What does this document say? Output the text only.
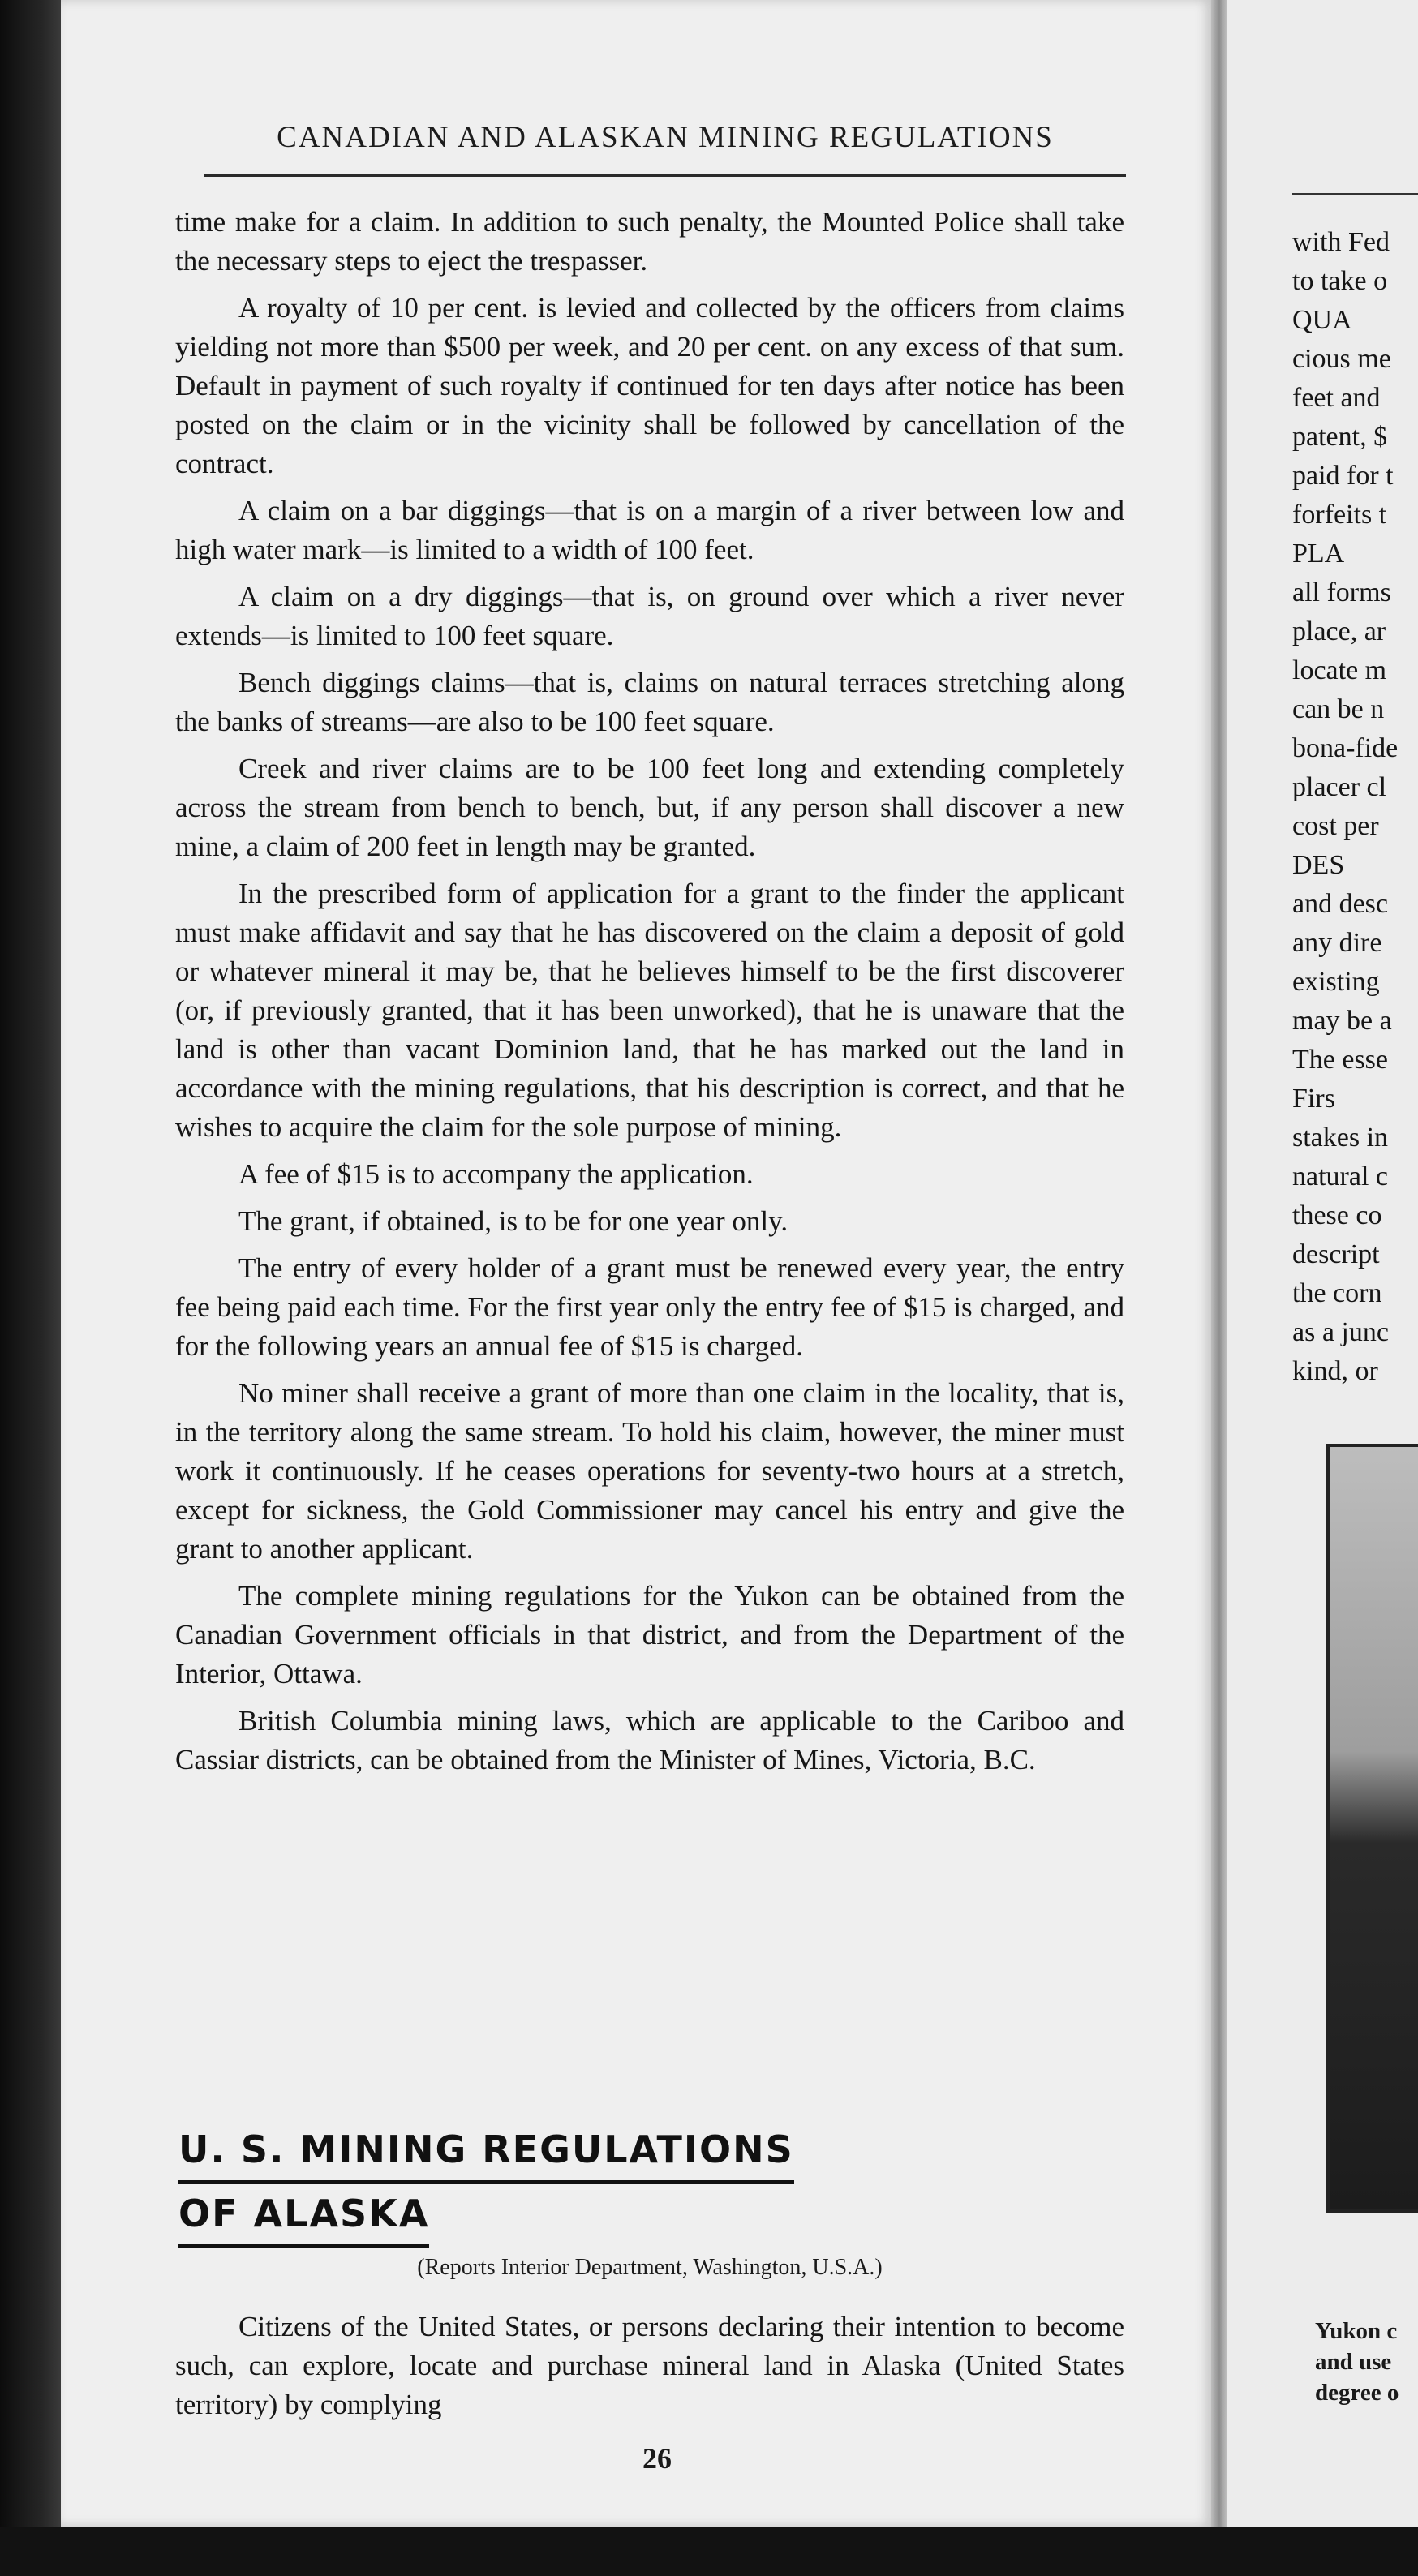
CANADIAN AND ALASKAN MINING REGULATIONS

time make for a claim. In addition to such penalty, the Mounted Police shall take the necessary steps to eject the trespasser.

A royalty of 10 per cent. is levied and collected by the officers from claims yielding not more than $500 per week, and 20 per cent. on any excess of that sum. Default in payment of such royalty if continued for ten days after notice has been posted on the claim or in the vicinity shall be followed by cancellation of the contract.

A claim on a bar diggings—that is on a margin of a river between low and high water mark—is limited to a width of 100 feet.

A claim on a dry diggings—that is, on ground over which a river never extends—is limited to 100 feet square.

Bench diggings claims—that is, claims on natural terraces stretching along the banks of streams—are also to be 100 feet square.

Creek and river claims are to be 100 feet long and extending completely across the stream from bench to bench, but, if any person shall discover a new mine, a claim of 200 feet in length may be granted.

In the prescribed form of application for a grant to the finder the applicant must make affidavit and say that he has discovered on the claim a deposit of gold or whatever mineral it may be, that he believes himself to be the first discoverer (or, if previously granted, that it has been unworked), that he is unaware that the land is other than vacant Dominion land, that he has marked out the land in accordance with the mining regulations, that his description is correct, and that he wishes to acquire the claim for the sole purpose of mining.

A fee of $15 is to accompany the application.

The grant, if obtained, is to be for one year only.

The entry of every holder of a grant must be renewed every year, the entry fee being paid each time. For the first year only the entry fee of $15 is charged, and for the following years an annual fee of $15 is charged.

No miner shall receive a grant of more than one claim in the locality, that is, in the territory along the same stream. To hold his claim, however, the miner must work it continuously. If he ceases operations for seventy-two hours at a stretch, except for sickness, the Gold Commissioner may cancel his entry and give the grant to another applicant.

The complete mining regulations for the Yukon can be obtained from the Canadian Government officials in that district, and from the Department of the Interior, Ottawa.

British Columbia mining laws, which are applicable to the Cariboo and Cassiar districts, can be obtained from the Minister of Mines, Victoria, B.C.

U. S. MINING REGULATIONS
OF ALASKA
(Reports Interior Department, Washington, U.S.A.)

Citizens of the United States, or persons declaring their intention to become such, can explore, locate and purchase mineral land in Alaska (United States territory) by complying

26
with Fed
to take o
QUA
cious me
feet and
patent, $
paid for t
forfeits t
PLA
all forms
place, ar
locate m
can be n
bona-fide
placer cl
cost per
DES
and desc
any dire
existing
may be a
The esse
Firs
stakes in
natural c
these co
descript
the corn
as a junc
kind, or
Yukon c
and use
degree o
